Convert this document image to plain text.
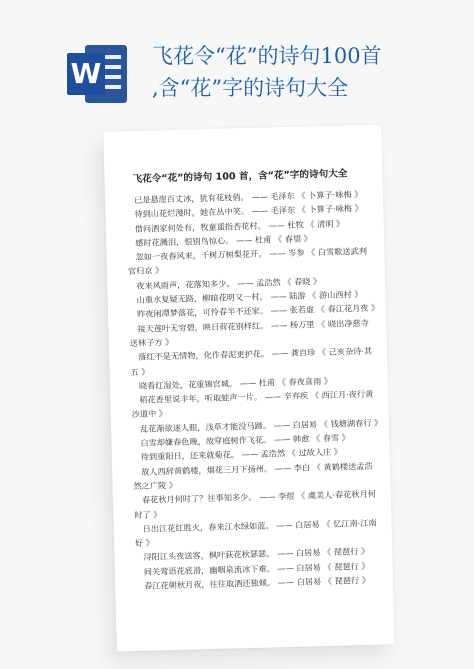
W
飞花令“花”的诗句100首
,含“花”字的诗句大全
飞花令“花”的诗句 100 首，含“花”字的诗句大全
已是悬崖百丈冰，犹有花枝俏。 —— 毛泽东 《 卜算子·咏梅 》
待到山花烂漫时，她在丛中笑。 —— 毛泽东 《 卜算子·咏梅 》
借问酒家何处有，牧童遥指杏花村。 —— 杜牧 《 清明 》
感时花溅泪，恨别鸟惊心。 —— 杜甫 《 春望 》
忽如一夜春风来，千树万树梨花开。 —— 岑参 《 白雪歌送武判
官归京 》
夜来风雨声，花落知多少。 —— 孟浩然 《 春晓 》
山重水复疑无路，柳暗花明又一村。 —— 陆游 《 游山西村 》
昨夜闲潭梦落花，可怜春半不还家。 —— 张若虚 《 春江花月夜 》
接天莲叶无穷碧，映日荷花别样红。 —— 杨万里 《 晓出净慈寺
送林子方 》
落红不是无情物，化作春泥更护花。 —— 龚自珍 《 己亥杂诗·其
五 》
晓看红湿处，花重锦官城。 —— 杜甫 《 春夜喜雨 》
稻花香里说丰年，听取蛙声一片。 —— 辛弃疾 《 西江月·夜行黄
沙道中 》
乱花渐欲迷人眼，浅草才能没马蹄。 —— 白居易 《 钱塘湖春行 》
白雪却嫌春色晚，故穿庭树作飞花。 —— 韩愈 《 春雪 》
待到重阳日，还来就菊花。 —— 孟浩然 《 过故人庄 》
故人西辞黄鹤楼，烟花三月下扬州。 —— 李白 《 黄鹤楼送孟浩
然之广陵 》
春花秋月何时了？往事知多少。 —— 李煜 《 虞美人·春花秋月何
时了 》
日出江花红胜火，春来江水绿如蓝。 —— 白居易 《 忆江南·江南
好 》
浔阳江头夜送客，枫叶荻花秋瑟瑟。 —— 白居易 《 琵琶行 》
间关莺语花底滑，幽咽泉流冰下难。 —— 白居易 《 琵琶行 》
春江花朝秋月夜，往往取酒还独倾。 —— 白居易 《 琵琶行 》
